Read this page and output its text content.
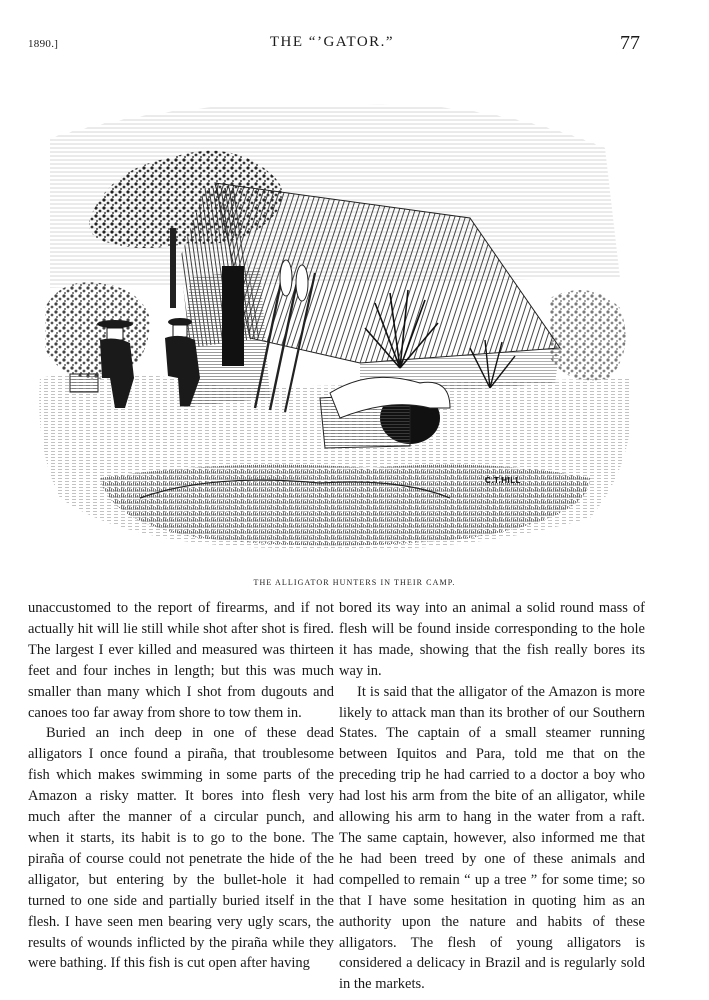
1890.]	THE “’GATOR.”	77
C.T.HILL
THE ALLIGATOR HUNTERS IN THEIR CAMP.

unaccustomed to the report of firearms, and if not actually hit will lie still while shot after shot is fired. The largest I ever killed and measured was thirteen feet and four inches in length; but this was much smaller than many which I shot from dugouts and canoes too far away from shore to tow them in.

Buried an inch deep in one of these dead alligators I once found a piraña, that troublesome fish which makes swimming in some parts of the Amazon a risky matter. It bores into flesh very much after the manner of a circular punch, and when it starts, its habit is to go to the bone. The piraña of course could not penetrate the hide of the alligator, but entering by the bullet-hole it had turned to one side and partially buried itself in the flesh. I have seen men bearing very ugly scars, the results of wounds inflicted by the piraña while they were bathing. If this fish is cut open after having

bored its way into an animal a solid round mass of flesh will be found inside corresponding to the hole it has made, showing that the fish really bores its way in.

It is said that the alligator of the Amazon is more likely to attack man than its brother of our Southern States. The captain of a small steamer running between Iquitos and Para, told me that on the preceding trip he had carried to a doctor a boy who had lost his arm from the bite of an alligator, while allowing his arm to hang in the water from a raft. The same captain, however, also informed me that he had been treed by one of these animals and compelled to remain “ up a tree ” for some time; so that I have some hesitation in quoting him as an authority upon the nature and habits of these alligators. The flesh of young alligators is considered a delicacy in Brazil and is regularly sold in the markets.
